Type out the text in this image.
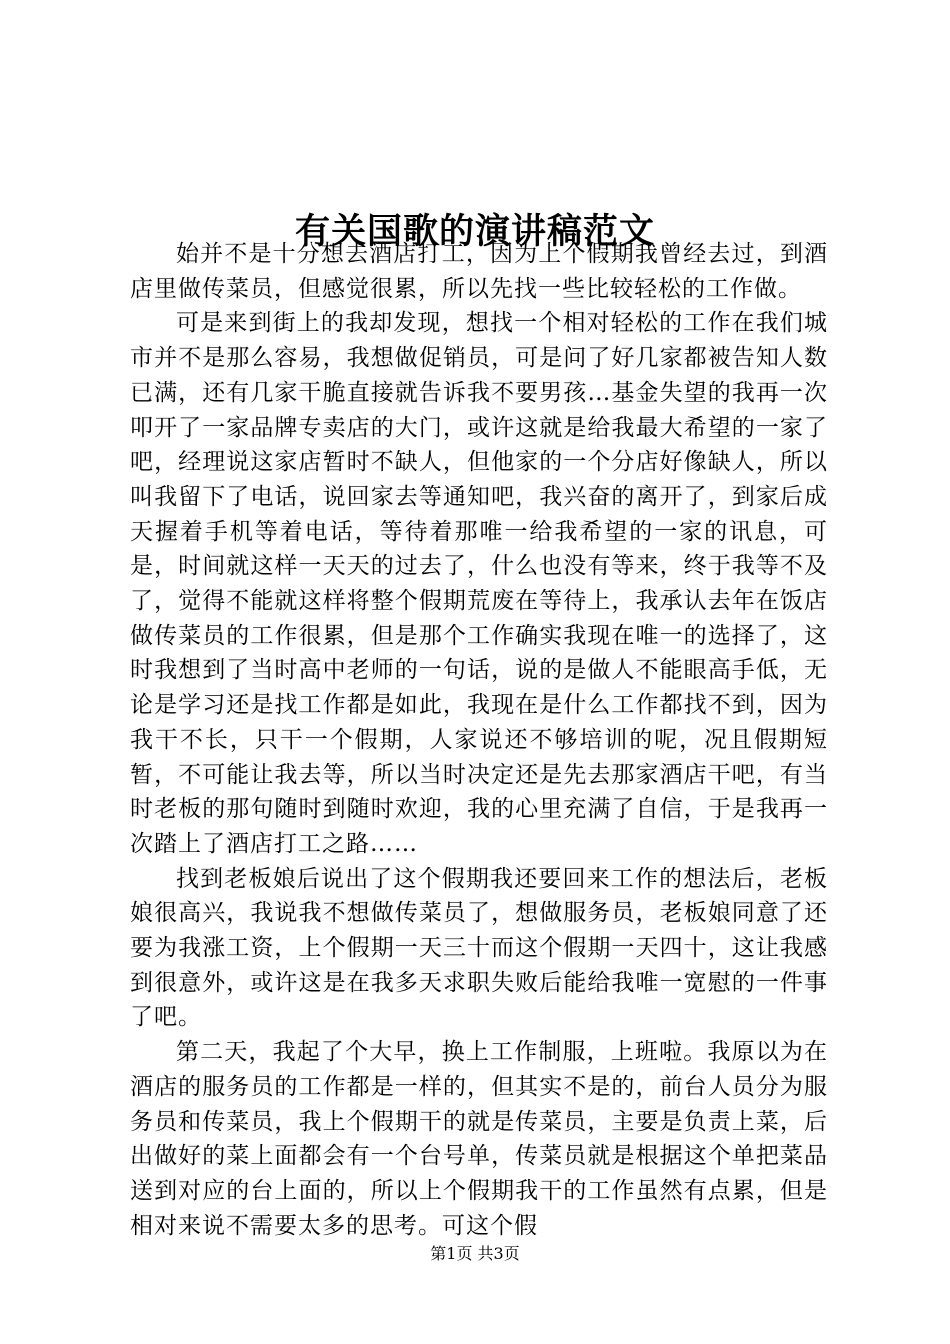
有关国歌的演讲稿范文

始并不是十分想去酒店打工，因为上个假期我曾经去过，到酒店里做传菜员，但感觉很累，所以先找一些比较轻松的工作做。

可是来到街上的我却发现，想找一个相对轻松的工作在我们城市并不是那么容易，我想做促销员，可是问了好几家都被告知人数已满，还有几家干脆直接就告诉我不要男孩…基金失望的我再一次叩开了一家品牌专卖店的大门，或许这就是给我最大希望的一家了吧，经理说这家店暂时不缺人，但他家的一个分店好像缺人，所以叫我留下了电话，说回家去等通知吧，我兴奋的离开了，到家后成天握着手机等着电话，等待着那唯一给我希望的一家的讯息，可是，时间就这样一天天的过去了，什么也没有等来，终于我等不及了，觉得不能就这样将整个假期荒废在等待上，我承认去年在饭店做传菜员的工作很累，但是那个工作确实我现在唯一的选择了，这时我想到了当时高中老师的一句话，说的是做人不能眼高手低，无论是学习还是找工作都是如此，我现在是什么工作都找不到，因为我干不长，只干一个假期，人家说还不够培训的呢，况且假期短暂，不可能让我去等，所以当时决定还是先去那家酒店干吧，有当时老板的那句随时到随时欢迎，我的心里充满了自信，于是我再一次踏上了酒店打工之路……

找到老板娘后说出了这个假期我还要回来工作的想法后，老板娘很高兴，我说我不想做传菜员了，想做服务员，老板娘同意了还要为我涨工资，上个假期一天三十而这个假期一天四十，这让我感到很意外，或许这是在我多天求职失败后能给我唯一宽慰的一件事了吧。

第二天，我起了个大早，换上工作制服，上班啦。我原以为在酒店的服务员的工作都是一样的，但其实不是的，前台人员分为服务员和传菜员，我上个假期干的就是传菜员，主要是负责上菜，后出做好的菜上面都会有一个台号单，传菜员就是根据这个单把菜品送到对应的台上面的，所以上个假期我干的工作虽然有点累，但是相对来说不需要太多的思考。可这个假

第1页 共3页
